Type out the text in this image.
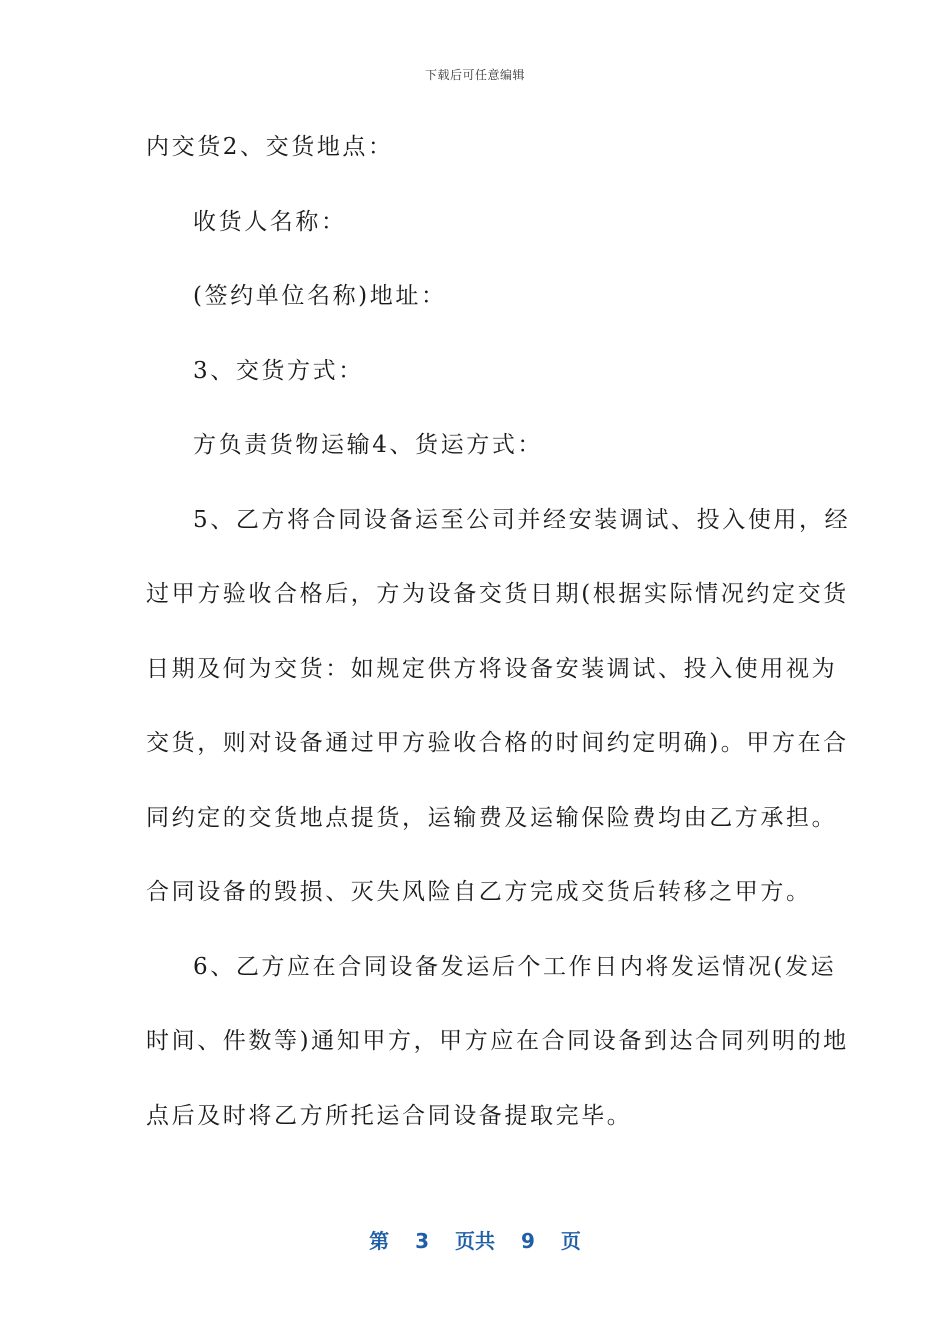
下载后可任意编辑
内交货2、交货地点：
收货人名称：
(签约单位名称)地址：
3、交货方式：
方负责货物运输4、货运方式：
5、乙方将合同设备运至公司并经安装调试、投入使用，经
过甲方验收合格后，方为设备交货日期(根据实际情况约定交货
日期及何为交货：如规定供方将设备安装调试、投入使用视为
交货，则对设备通过甲方验收合格的时间约定明确)。甲方在合
同约定的交货地点提货，运输费及运输保险费均由乙方承担。
合同设备的毁损、灭失风险自乙方完成交货后转移之甲方。
6、乙方应在合同设备发运后个工作日内将发运情况(发运
时间、件数等)通知甲方，甲方应在合同设备到达合同列明的地
点后及时将乙方所托运合同设备提取完毕。
第 3 页共 9 页
